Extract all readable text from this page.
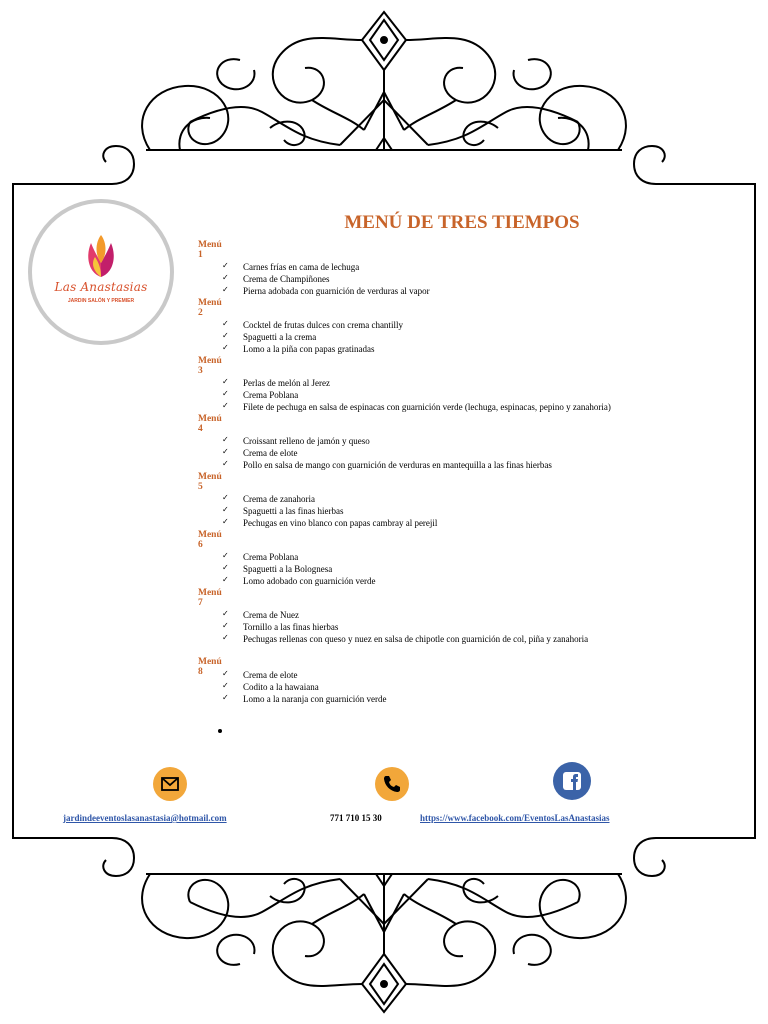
Las Anastasias
JARDIN SALÓN Y PREMIER
MENÚ DE TRES TIEMPOS
Menú 1
✓	Carnes frías en cama de lechuga
✓	Crema de Champiñones
✓	Pierna adobada con guarnición de verduras al vapor
Menú 2
✓	Cocktel de frutas dulces con crema chantilly
✓	Spaguetti a la crema
✓	Lomo a la piña con papas gratinadas
Menú 3
✓	Perlas de melón al Jerez
✓	Crema Poblana
✓	Filete de pechuga en salsa de espinacas con guarnición verde (lechuga, espinacas, pepino y zanahoria)
Menú 4
✓	Croissant relleno de jamón y queso
✓	Crema de elote
✓	Pollo en salsa de mango con guarnición de verduras en mantequilla a las finas hierbas
Menú 5
✓	Crema de zanahoria
✓	Spaguetti a las finas hierbas
✓	Pechugas en vino blanco con papas cambray al perejil
Menú 6
✓	Crema Poblana
✓	Spaguetti a la Bolognesa
✓	Lomo adobado con guarnición verde
Menú 7
✓	Crema de Nuez
✓	Tornillo a las finas hierbas
✓	Pechugas rellenas con queso y nuez en salsa de chipotle con guarnición de col, piña y zanahoria
Menú 8	✓	Crema de elote
✓	Codito a la hawaiana
✓	Lomo a la naranja con guarnición verde
jardindeeventoslasanastasia@hotmail.com	771 710 15 30	https://www.facebook.com/EventosLasAnastasias
